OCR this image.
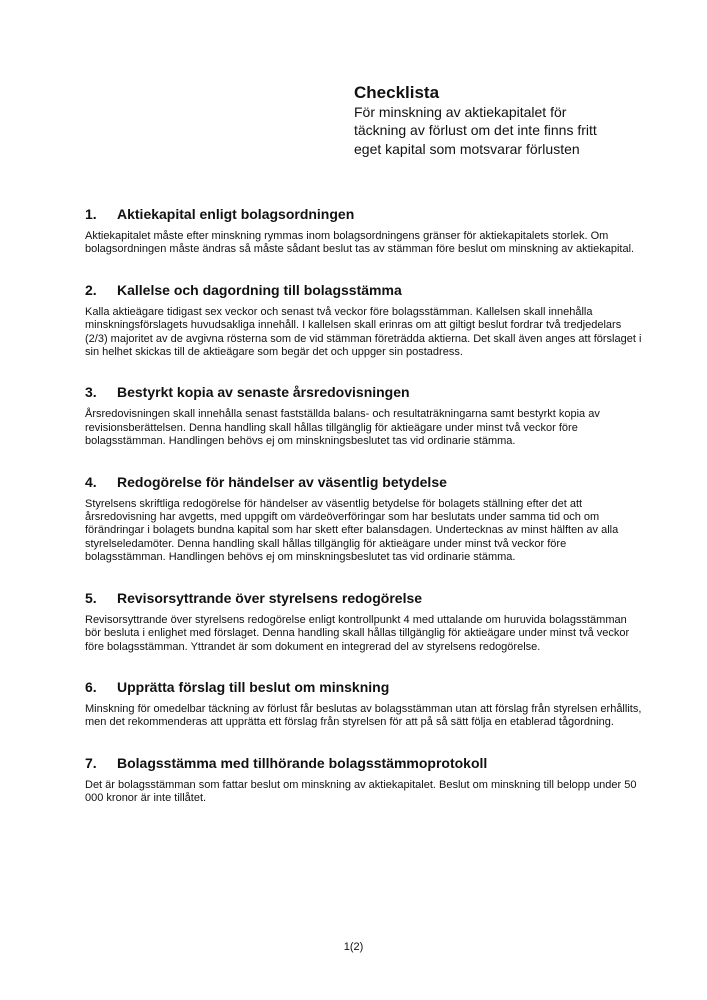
Checklista
För minskning av aktiekapitalet för
täckning av förlust om det inte finns fritt
eget kapital som motsvarar förlusten
1.	Aktiekapital enligt bolagsordningen
Aktiekapitalet måste efter minskning rymmas inom bolagsordningens gränser för aktiekapitalets storlek. Om bolagsordningen måste ändras så måste sådant beslut tas av stämman före beslut om minskning av aktiekapital.
2.	Kallelse och dagordning till bolagsstämma
Kalla aktieägare tidigast sex veckor och senast två veckor före bolagsstämman. Kallelsen skall innehålla minskningsförslagets huvudsakliga innehåll. I kallelsen skall erinras om att giltigt beslut fordrar två tredjedelars (2/3) majoritet av de avgivna rösterna som de vid stämman företrädda aktierna. Det skall även anges att förslaget i sin helhet skickas till de aktieägare som begär det och uppger sin postadress.
3.	Bestyrkt kopia av senaste årsredovisningen
Årsredovisningen skall innehålla senast fastställda balans- och resultaträkningarna samt bestyrkt kopia av revisionsberättelsen. Denna handling skall hållas tillgänglig för aktieägare under minst två veckor före bolagsstämman. Handlingen behövs ej om minskningsbeslutet tas vid ordinarie stämma.
4.	Redogörelse för händelser av väsentlig betydelse
Styrelsens skriftliga redogörelse för händelser av väsentlig betydelse för bolagets ställning efter det att årsredovisning har avgetts, med uppgift om värdeöverföringar som har beslutats under samma tid och om förändringar i bolagets bundna kapital som har skett efter balansdagen. Undertecknas av minst hälften av alla styrelseledamöter. Denna handling skall hållas tillgänglig för aktieägare under minst två veckor före bolagsstämman. Handlingen behövs ej om minskningsbeslutet tas vid ordinarie stämma.
5.	Revisorsyttrande över styrelsens redogörelse
Revisorsyttrande över styrelsens redogörelse enligt kontrollpunkt 4 med uttalande om huruvida bolagsstämman bör besluta i enlighet med förslaget. Denna handling skall hållas tillgänglig för aktieägare under minst två veckor före bolagsstämman. Yttrandet är som dokument en integrerad del av styrelsens redogörelse.
6.	Upprätta förslag till beslut om minskning
Minskning för omedelbar täckning av förlust får beslutas av bolagsstämman utan att förslag från styrelsen erhållits, men det rekommenderas att upprätta ett förslag från styrelsen för att på så sätt följa en etablerad tågordning.
7.	Bolagsstämma med tillhörande bolagsstämmoprotokoll
Det är bolagsstämman som fattar beslut om minskning av aktiekapitalet. Beslut om minskning till belopp under 50 000 kronor är inte tillåtet.
1(2)
